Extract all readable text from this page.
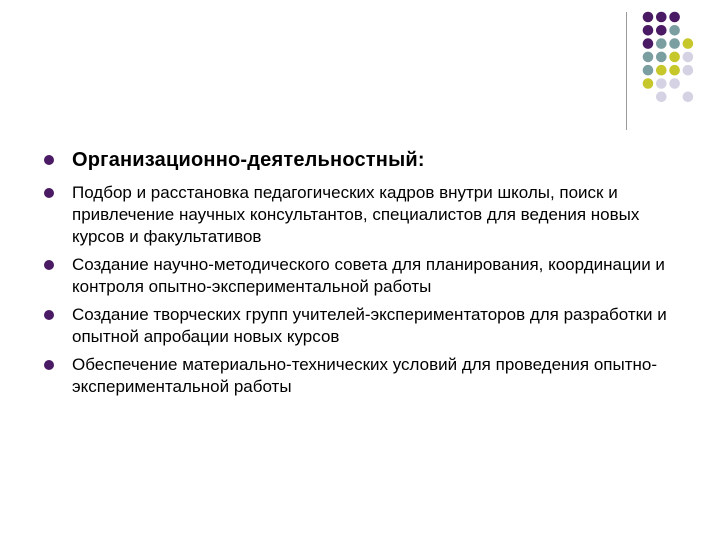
Организационно-деятельностный:
Подбор и расстановка педагогических кадров внутри школы, поиск и привлечение научных консультантов, специалистов для ведения новых курсов и факультативов
Создание научно-методического совета для планирования, координации и контроля опытно-экспериментальной работы
Создание творческих групп учителей-экспериментаторов для разработки и опытной апробации новых курсов
Обеспечение материально-технических условий для проведения опытно-экспериментальной работы
